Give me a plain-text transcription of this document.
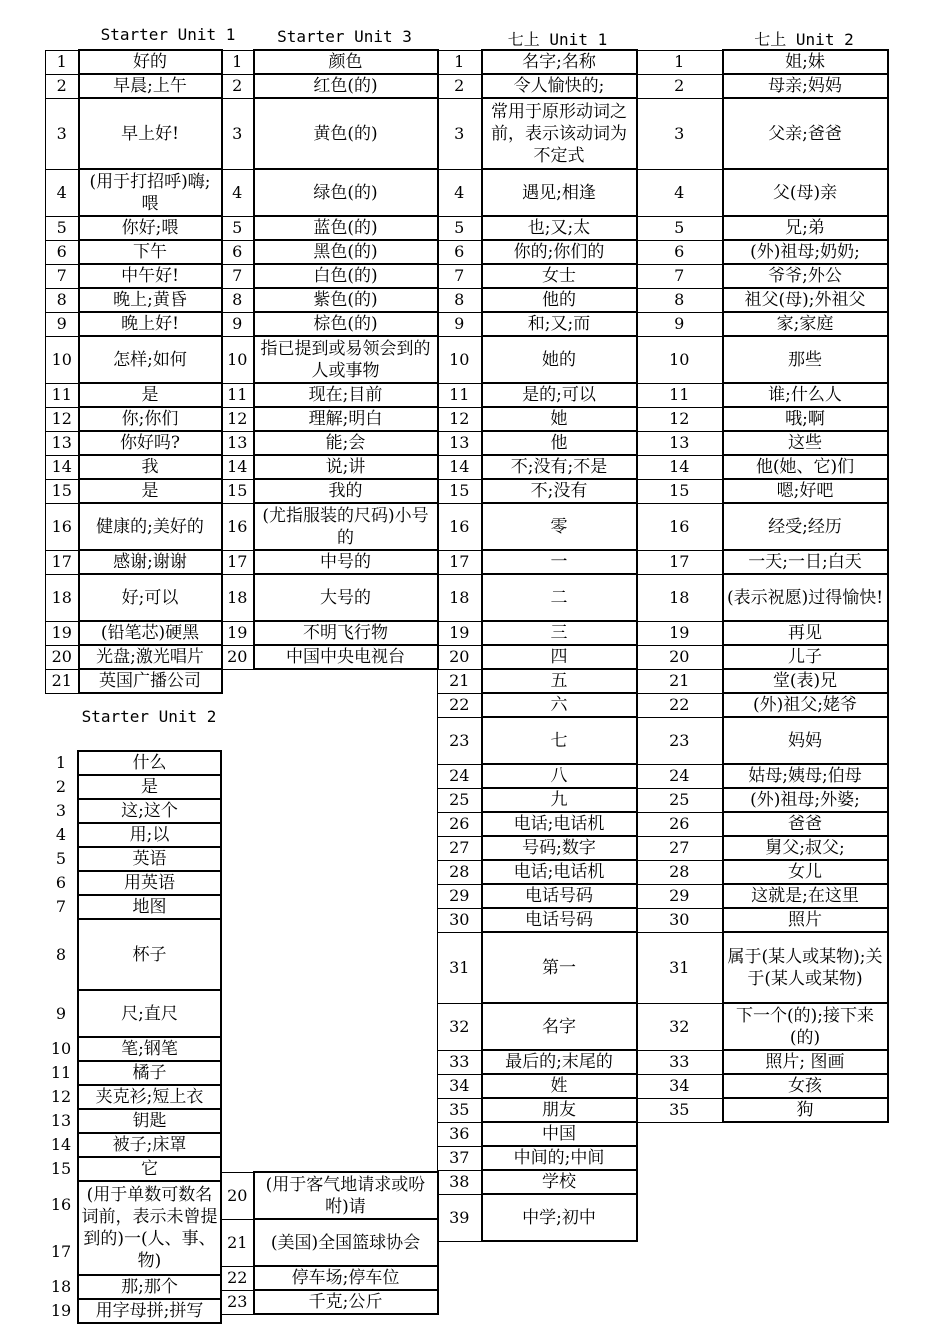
Starter Unit 1	Starter Unit 3	七上 Unit 1	七上 Unit 2
Starter Unit 2
1	好的
2	早晨;上午
3	早上好!
4	(用于打招呼)嗨;喂
5	你好;喂
6	下午
7	中午好!
8	晚上;黄昏
9	晚上好!
10	怎样;如何
11	是
12	你;你们
13	你好吗?
14	我
15	是
16	健康的;美好的
17	感谢;谢谢
18	好;可以
19	(铅笔芯)硬黑
20	光盘;激光唱片
21	英国广播公司
1	颜色
2	红色(的)
3	黄色(的)
4	绿色(的)
5	蓝色(的)
6	黑色(的)
7	白色(的)
8	紫色(的)
9	棕色(的)
10	指已提到或易领会到的人或事物
11	现在;目前
12	理解;明白
13	能;会
14	说;讲
15	我的
16	(尤指服装的尺码)小号的
17	中号的
18	大号的
19	不明飞行物
20	中国中央电视台
1	名字;名称
2	令人愉快的;
3	常用于原形动词之前，表示该动词为不定式
4	遇见;相逢
5	也;又;太
6	你的;你们的
7	女士
8	他的
9	和;又;而
10	她的
11	是的;可以
12	她
13	他
14	不;没有;不是
15	不;没有
16	零
17	一
18	二
19	三
20	四
21	五
22	六
23	七
24	八
25	九
26	电话;电话机
27	号码;数字
28	电话;电话机
29	电话号码
30	电话号码
31	第一
32	名字
33	最后的;末尾的
34	姓
35	朋友
36	中国
37	中间的;中间
38	学校
39	中学;初中
1	姐;妹
2	母亲;妈妈
3	父亲;爸爸
4	父(母)亲
5	兄;弟
6	(外)祖母;奶奶;
7	爷爷;外公
8	祖父(母);外祖父
9	家;家庭
10	那些
11	谁;什么人
12	哦;啊
13	这些
14	他(她、它)们
15	嗯;好吧
16	经受;经历
17	一天;一日;白天
18	(表示祝愿)过得愉快!
19	再见
20	儿子
21	堂(表)兄
22	(外)祖父;姥爷
23	妈妈
24	姑母;姨母;伯母
25	(外)祖母;外婆;
26	爸爸
27	舅父;叔父;
28	女儿
29	这就是;在这里
30	照片
31	属于(某人或某物);关于(某人或某物)
32	下一个(的);接下来(的)
33	照片; 图画
34	女孩
35	狗
1	什么
2	是
3	这;这个
4	用;以
5	英语
6	用英语
7	地图
8	杯子
9	尺;直尺
10	笔;钢笔
11	橘子
12	夹克衫;短上衣
13	钥匙
14	被子;床罩
15	它
16	(用于单数可数名词前，表示未曾提到的)一(人、事、物)
17	
18	那;那个
19	用字母拼;拼写
20	(用于客气地请求或吩咐)请
21	(美国)全国篮球协会
22	停车场;停车位
23	千克;公斤
